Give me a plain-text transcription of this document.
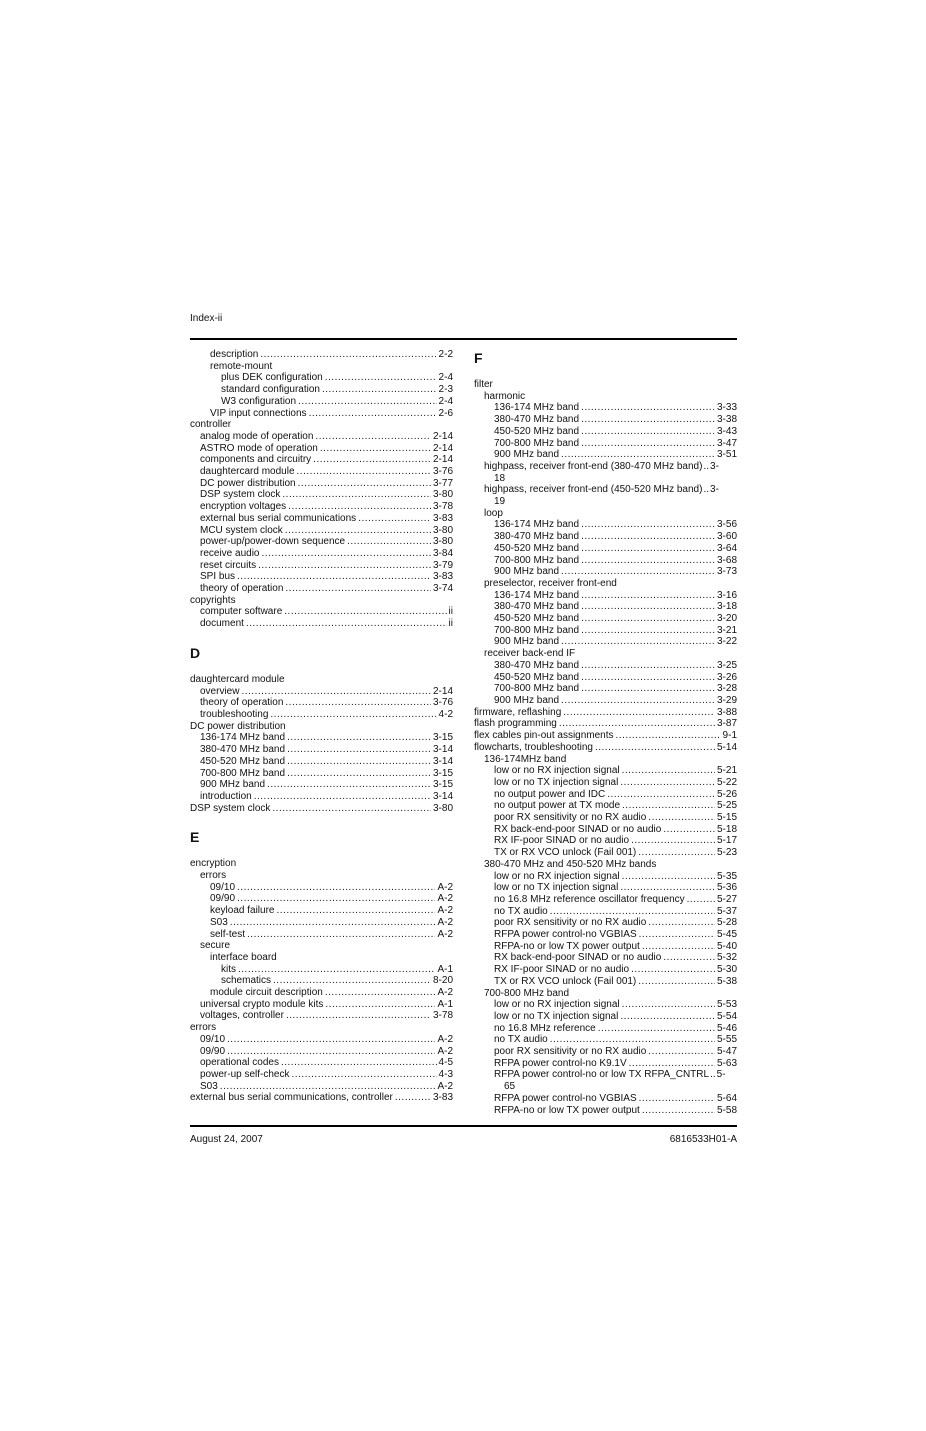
Index-ii
description .....	2-2
remote-mount
plus DEK configuration .....	2-4
standard configuration .....	2-3
W3 configuration .....	2-4
VIP input connections .....	2-6
controller
analog mode of operation .....	2-14
ASTRO mode of operation .....	2-14
components and circuitry .....	2-14
daughtercard module .....	3-76
DC power distribution .....	3-77
DSP system clock .....	3-80
encryption voltages .....	3-78
external bus serial communications .....	3-83
MCU system clock .....	3-80
power-up/power-down sequence .....	3-80
receive audio .....	3-84
reset circuits .....	3-79
SPI bus .....	3-83
theory of operation .....	3-74
copyrights
computer software .....	ii
document .....	ii
D
daughtercard module
overview .....	2-14
theory of operation .....	3-76
troubleshooting .....	4-2
DC power distribution
136-174 MHz band .....	3-15
380-470 MHz band .....	3-14
450-520 MHz band .....	3-14
700-800 MHz band .....	3-15
900 MHz band .....	3-15
introduction .....	3-14
DSP system clock .....	3-80
E
encryption
errors
09/10 .....	A-2
09/90 .....	A-2
keyload failure .....	A-2
S03 .....	A-2
self-test .....	A-2
secure
interface board
kits .....	A-1
schematics .....	8-20
module circuit description .....	A-2
universal crypto module kits .....	A-1
voltages, controller .....	3-78
errors
09/10 .....	A-2
09/90 .....	A-2
operational codes .....	4-5
power-up self-check .....	4-3
S03 .....	A-2
external bus serial communications, controller .....	3-83
F
filter
harmonic
136-174 MHz band .....	3-33
380-470 MHz band .....	3-38
450-520 MHz band .....	3-43
700-800 MHz band .....	3-47
900 MHz band .....	3-51
highpass, receiver front-end (380-470 MHz band) .. 3-
18
highpass, receiver front-end (450-520 MHz band) .. 3-
19
loop
136-174 MHz band .....	3-56
380-470 MHz band .....	3-60
450-520 MHz band .....	3-64
700-800 MHz band .....	3-68
900 MHz band .....	3-73
preselector, receiver front-end
136-174 MHz band .....	3-16
380-470 MHz band .....	3-18
450-520 MHz band .....	3-20
700-800 MHz band .....	3-21
900 MHz band .....	3-22
receiver back-end IF
380-470 MHz band .....	3-25
450-520 MHz band .....	3-26
700-800 MHz band .....	3-28
900 MHz band .....	3-29
firmware, reflashing .....	3-88
flash programming .....	3-87
flex cables pin-out assignments .....	9-1
flowcharts, troubleshooting .....	5-14
136-174MHz band
low or no RX injection signal .....	5-21
low or no TX injection signal .....	5-22
no output power and IDC .....	5-26
no output power at TX mode .....	5-25
poor RX sensitivity or no RX audio .....	5-15
RX back-end-poor SINAD or no audio .....	5-18
RX IF-poor SINAD or no audio .....	5-17
TX or RX VCO unlock (Fail 001) .....	5-23
380-470 MHz and 450-520 MHz bands
low or no RX injection signal .....	5-35
low or no TX injection signal .....	5-36
no 16.8 MHz reference oscillator frequency .....	5-27
no TX audio .....	5-37
poor RX sensitivity or no RX audio .....	5-28
RFPA power control-no VGBIAS .....	5-45
RFPA-no or low TX power output .....	5-40
RX back-end-poor SINAD or no audio .....	5-32
RX IF-poor SINAD or no audio .....	5-30
TX or RX VCO unlock (Fail 001) .....	5-38
700-800 MHz band
low or no RX injection signal .....	5-53
low or no TX injection signal .....	5-54
no 16.8 MHz reference .....	5-46
no TX audio .....	5-55
poor RX sensitivity or no RX audio .....	5-47
RFPA power control-no K9.1V .....	5-63
RFPA power control-no or low TX RFPA_CNTRL .. 5-
65
RFPA power control-no VGBIAS .....	5-64
RFPA-no or low TX power output .....	5-58
August 24, 2007	6816533H01-A
